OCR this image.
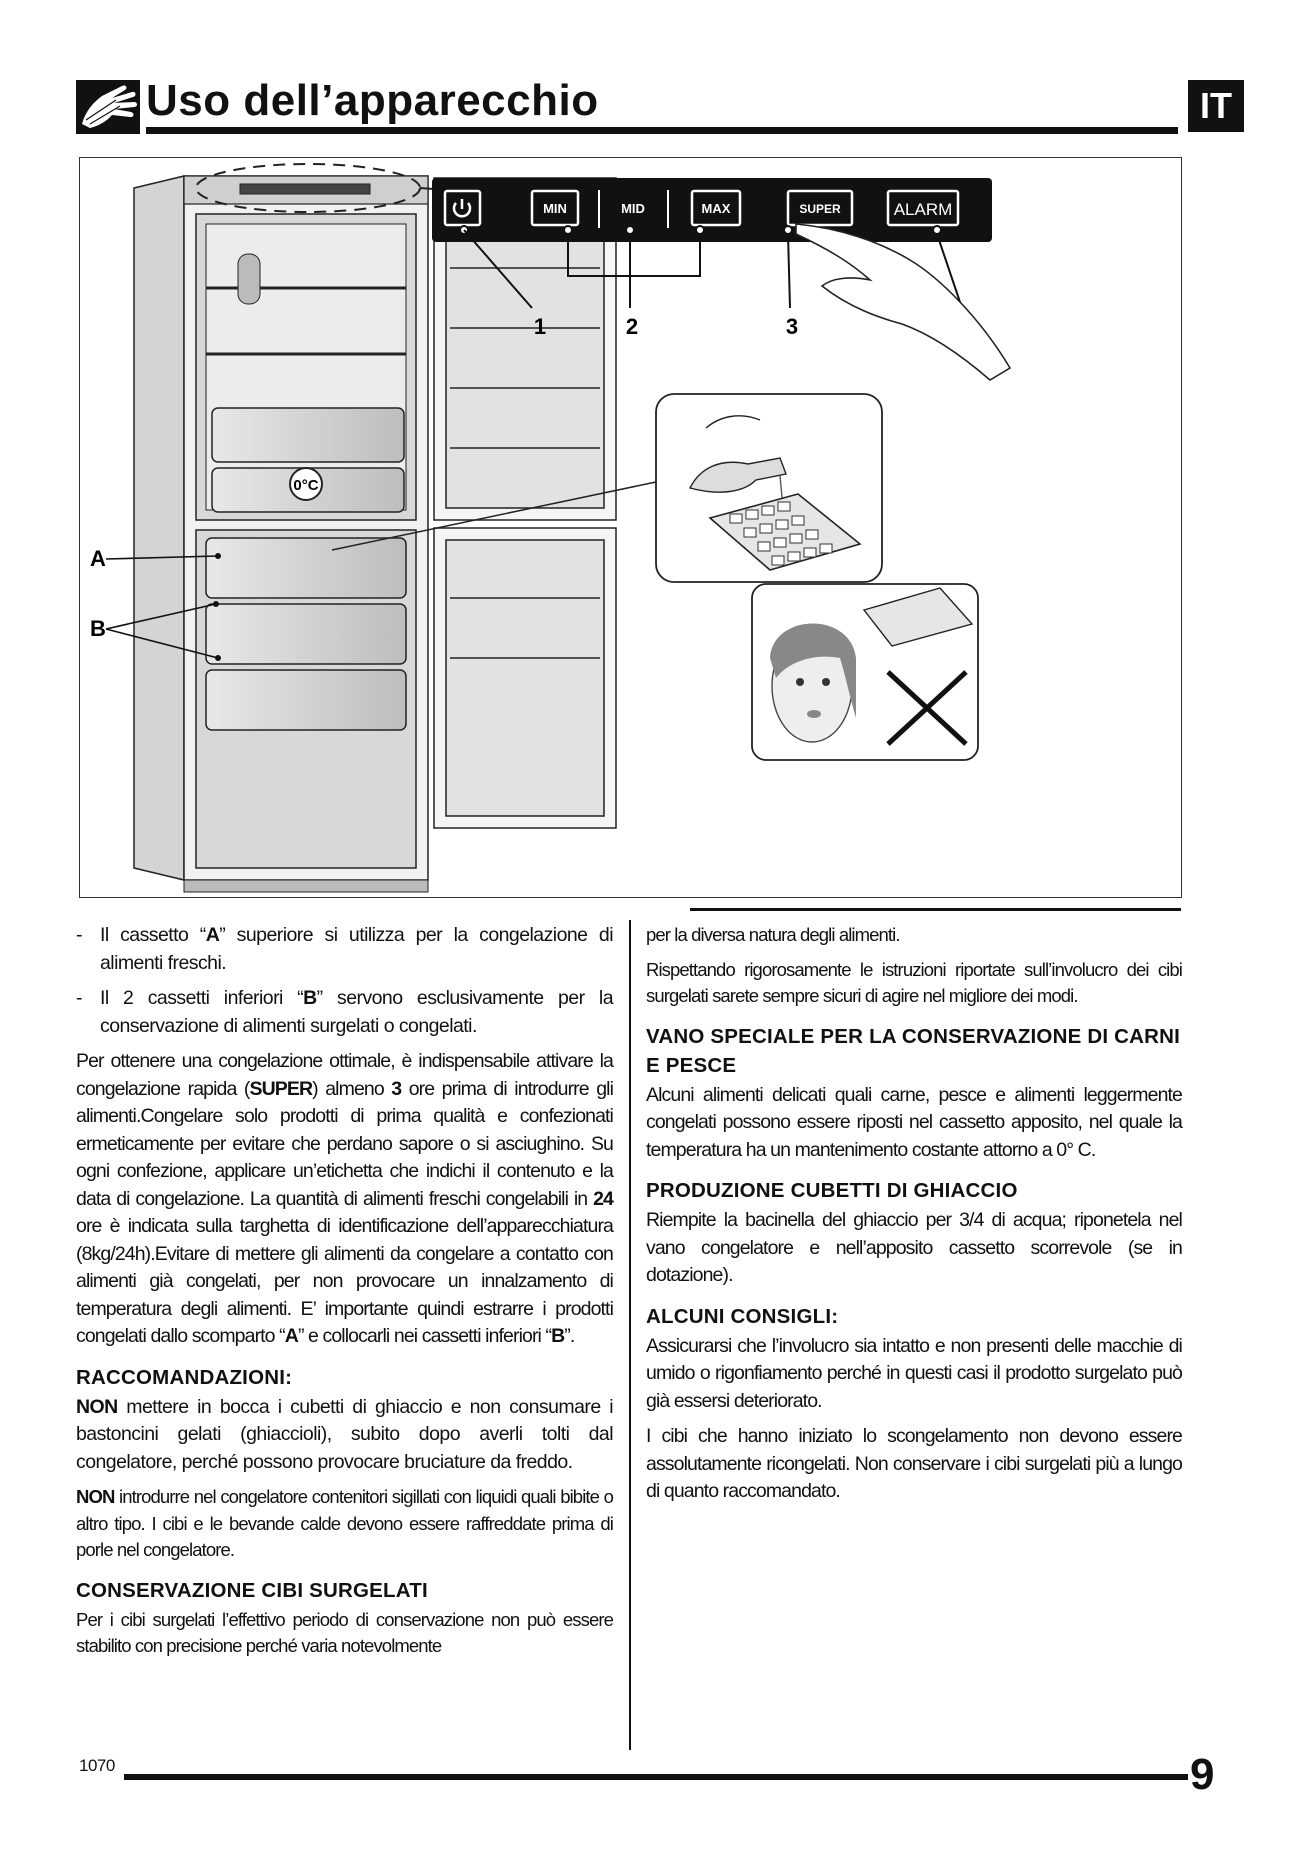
Uso dell’apparecchio	IT
0°C
MIN	MID	MAX	SUPER	ALARM
1	2	3
A
B

- Il cassetto “A” superiore si utilizza per la congelazione di alimenti freschi.

- Il 2 cassetti inferiori “B” servono esclusivamente per la conservazione di alimenti surgelati o congelati.

Per ottenere una congelazione ottimale, è indispensabile attivare la congelazione rapida (SUPER) almeno 3 ore prima di introdurre gli alimenti.Congelare solo prodotti di prima qualità e confezionati ermeticamente per evitare che perdano sapore o si asciughino. Su ogni confezione, applicare un’etichetta che indichi il contenuto e la data di congelazione. La quantità di alimenti freschi congelabili in 24 ore è indicata sulla targhetta di identificazione dell’apparecchiatura (8kg/24h).Evitare di mettere gli alimenti da congelare a contatto con alimenti già congelati, per non provocare un innalzamento di temperatura degli alimenti. E’ importante quindi estrarre i prodotti congelati dallo scomparto “A” e collocarli nei cassetti inferiori “B”.

RACCOMANDAZIONI:

NON mettere in bocca i cubetti di ghiaccio e non consumare i bastoncini gelati (ghiaccioli), subito dopo averli tolti dal congelatore, perché possono provocare bruciature da freddo.

NON introdurre nel congelatore contenitori sigillati con liquidi quali bibite o altro tipo. I cibi e le bevande calde devono essere raffreddate prima di porle nel congelatore.

CONSERVAZIONE CIBI SURGELATI

Per i cibi surgelati l’effettivo periodo di conservazione non può essere stabilito con precisione perché varia notevolmente

per la diversa natura degli alimenti.

Rispettando rigorosamente le istruzioni riportate sull’involucro dei cibi surgelati sarete sempre sicuri di agire nel migliore dei modi.

VANO SPECIALE PER LA CONSERVAZIONE DI CARNI E PESCE

Alcuni alimenti delicati quali carne, pesce e alimenti leggermente congelati possono essere riposti nel cassetto apposito, nel quale la temperatura ha un mantenimento costante attorno a 0° C.

PRODUZIONE CUBETTI DI GHIACCIO

Riempite la bacinella del ghiaccio per 3/4 di acqua; riponetela nel vano congelatore e nell’apposito cassetto scorrevole (se in dotazione).

ALCUNI CONSIGLI:

Assicurarsi che l’involucro sia intatto e non presenti delle macchie di umido o rigonfiamento perché in questi casi il prodotto surgelato può già essersi deteriorato.

I cibi che hanno iniziato lo scongelamento non devono essere assolutamente ricongelati. Non conservare i cibi surgelati più a lungo di quanto raccomandato.

1070	9
